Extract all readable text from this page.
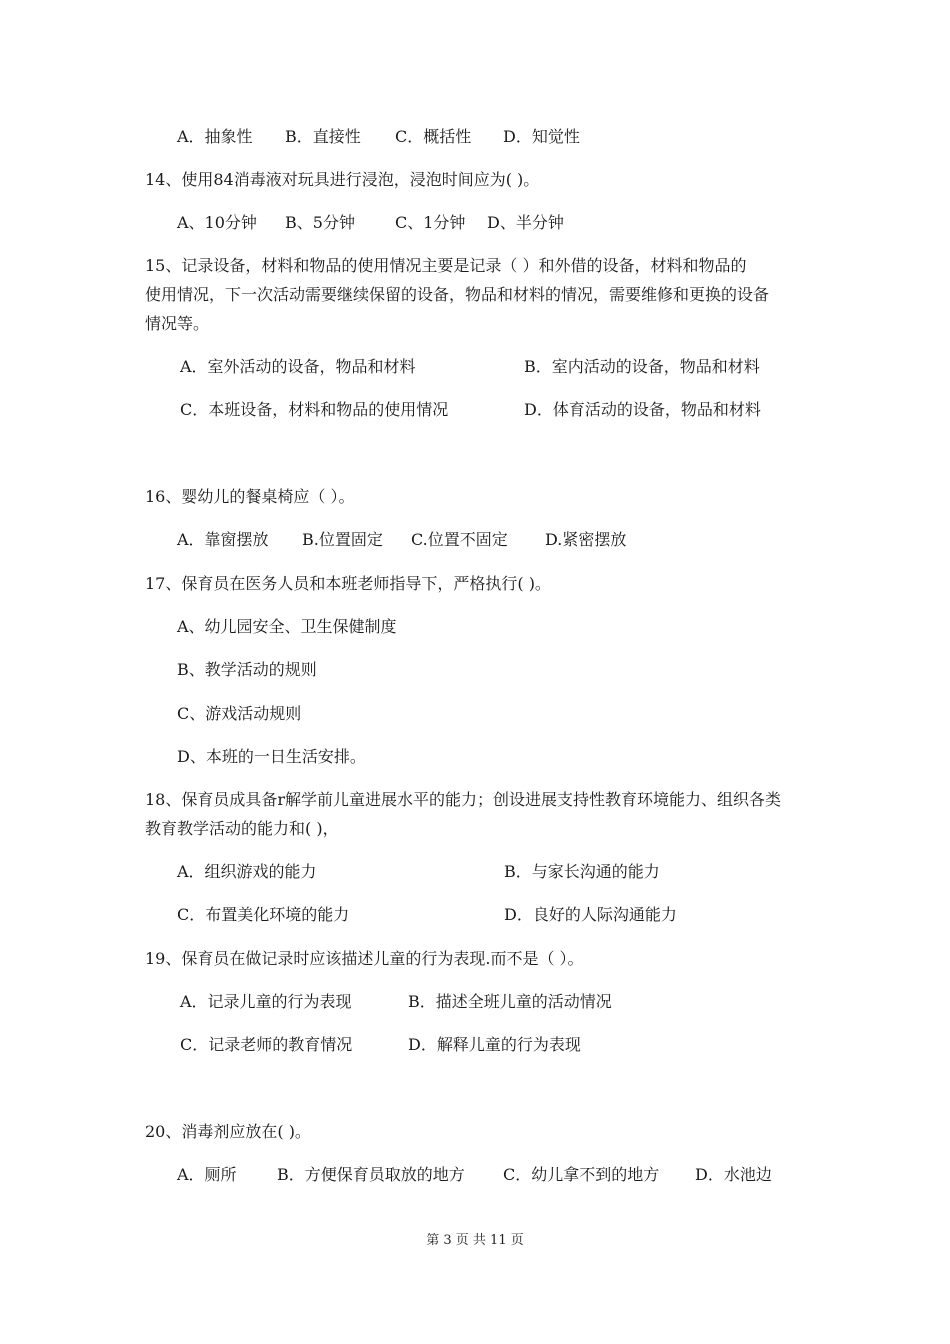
A．抽象性 B．直接性 C．概括性 D．知觉性
14、使用84消毒液对玩具进行浸泡，浸泡时间应为( )。
A、10分钟 B、5分钟	C、1分钟 D、半分钟
15、记录设备，材料和物品的使用情况主要是记录（ ）和外借的设备，材料和物品的
使用情况，下一次活动需要继续保留的设备，物品和材料的情况，需要维修和更换的设备
情况等。
A．室外活动的设备，物品和材料	B．室内活动的设备，物品和材料
C．本班设备，材料和物品的使用情况	D．体育活动的设备，物品和材料
16、婴幼儿的餐桌椅应（ ）。
A．靠窗摆放 B.位置固定 C.位置不固定 D.紧密摆放
17、保育员在医务人员和本班老师指导下，严格执行( )。
A、幼儿园安全、卫生保健制度
B、教学活动的规则
C、游戏活动规则
D、本班的一日生活安排。
18、保育员成具备r解学前儿童进展水平的能力；创设进展支持性教育环境能力、组织各类
教育教学活动的能力和( )，
A．组织游戏的能力	B．与家长沟通的能力
C．布置美化环境的能力	D．良好的人际沟通能力
19、保育员在做记录时应该描述儿童的行为表现.而不是（ ）。
A．记录儿童的行为表现	B．描述全班儿童的活动情况
C．记录老师的教育情况	D．解释儿童的行为表现
20、消毒剂应放在( )。
A．厕所	B．方便保育员取放的地方 C．幼儿拿不到的地方 D．水池边
第 3 页 共 11 页
